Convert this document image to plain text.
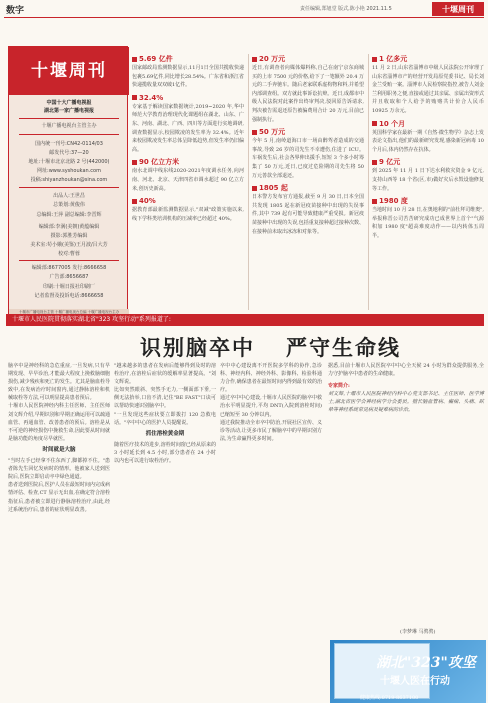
数字	责任编辑,郑旭堂 版式,陈小艳 2021.11.5	十堰周刊
十堰周刊
中国十大广播电视报
湖北第一家广播电视报
十堰广播电视台主管主办
国内统一刊号:CN42-0114/03
邮发代号:37—20
地址:十堰市北京北路 2 号(442000)
网址:www.syshoukan.com
投稿:shiyanzhoukan@sina.com
出品人:王世昌
总策划:黄俊伟
总编辑:王萍 副总编辑:李晋辉
编辑部:李满(美朝)黄蕴编辑
摄影:郭胜芳编辑
美术室:苟小娥(美鉴)王月波/吕大芳
校对:曹蓉
编辑部:8677005 发行:8666658
广告部:8656687
印刷:十堰日报社印刷厂
记者监督及投诉电话:8666658
十堰市广播电视台主管 十堰广播电视台总编 十堰广播电视台主办
5.69 亿件
国家邮政局监测数据显示,11月1日全国共揽收快递包裹5.69亿件,同比增长28.54%。广东省和浙江省快递揽收量双双破1亿件。
32.4%
专家基于解读国家数据统计,2019~2020 年,华中师范大学教育治理现代化课题组在湖北、山东、广东、河南、湖北、广西、四川等方面进行实地调研,调查数据显示,校园欺凌的发生率为 32.4%。近年来校园欺凌发生率总体呈降低趋势,但发生率仍旧偏高。
90 亿立方米
南水北调中线东线2020-2021年度调水任务,向河南、河北、北京、天津四省市调水超过 90 亿立方米,创历史新高。
40%
据教育部最新监测数据显示,"双减"政策实施以来,线下学科类培训机构的压减率已经超过 40%。
20 万元
近日,有调查者向媒体爆料称,自己在南宁京东商城买的上市 7500 元的价格,给下了一笔额外 20.4 万元的二手奔驰车。随后老家联系虚构物和料,并希望内部调查组。双方就此事诉讼抗辩。近日,成都市中级人民法院对此案作出终审判决,驳回原告诉请求,判决被告需退还原告被骗费用合计 20 万元,目前已强制执行。
50 万元
今年 5 月,南岭道海口市一场由醉驾者造成的交通事故,导致 26 岁的司先生不幸遭伤,住进了 ICU。车祸发生后,社会各界伸出援手,短短 3 个多小时筹集了 50 万元,近日,已度过危险期的司先生将 50 万元善款全部退还。
1805 起
日本警方发布官方通报,截至 9 月 30 日,日本全国共发现 1805 起在新冠疫苗接种中出现的失误事件,其中 739 起有可能导致健康严重受损。新冠疫苗接种中出现的失误,包括重复接种超过接种次数、在接种前未取出冰冻和对象等。
1 亿多元
11 月 2 日,山东省淄博市中级人民法院公开审理了山东省淄博市产的经营开发局原党委书记、局长刘金兰受贿一案。淄博市人民检察院指控,被告人刘金兰利用职务之便,直接或通过其亲属、亲属出资形式并且收取和个人给予的贿赂共计价合人民币 10925 万余元。
10 个月
英国科学家在最新一期《自然·微生物学》杂志上发表论文指出,他们的最新研究发现,感染新冠病毒 10 个月后,体内仍然存在抗体。
9 亿元
到 2025 年 11 月 1 日下达水利救灾资金 9 亿元,支持山西等 18 个省(区,市)做好灾后水毁设施修复等工作。
1980 度
当地时间 10 月 28 日,在奥地利的"前杜拜司维奥",举报称晋公司苦苦研究成功已成世界上首个"气源积加 1980 度"超高难度动作——以内转体五周半。
十堰市人民医院贯彻落实湖北省"323 攻坚行动"系列报道了:
识别脑卒中 严守生命线

脑卒中是神经科的急危重症,一旦发病,只有早期发现、早早诊治,才能最大程度上挽救脑细胞损伤,减少残疾和死亡的发生。尤其是脑血栓导致中,在发病治疗时间窗内,通过静脉溶栓和机械取栓等方法,可以明显提高患者预后。

十堰市人民医院神经内科主任医师、主任医师刘文辉介绍,早期识别和早期正确运用可以疏通血管、再通血管、改善患者的预后。溶栓是从不可逆的神经损伤中挽救生命,因此要从时间就是脑功能的角度尽早就医。

时间就是大脑

"当时左手已经拿不住东西了,脚都掉不住。"患者陈先生回忆发病时的情形。他被家人送到医院后,医院立即启动卒中绿色通道。

患者送到医院后,医护人员在最短时间内完成病情评估、检查,CT 显示无出血,在确定符合溶栓指征后,患者被立即进行静脉溶栓治疗,由此,经过系统治疗后,患者的症状明显改善。

"越来越多的患者在发病后能够得到及时的溶栓治疗,在溶栓后症状的缓解率显著提高。"刘文辉说。

比如突然眼斜、突然手无力,一侧面部下垂,一侧无法抬举,口齿不清,记住"BE FAST"口诀可以帮助快速识别脑卒中。

"一旦发现这些症状要立即拨打 120 急救电话。"卒中中心的医护人员提醒说。

抓住溶栓黄金期

随着医疗技术的进步,溶栓时间窗已经从原来的 3 小时延长到 4.5 小时,部分患者在 24 小时以内也可以进行取栓治疗。

卒中中心建设离不开医院多学科的协作,急诊科、神经内科、神经外科、影像科、检验科通力合作,确保患者在最短时间内得到最有效的治疗。

通过卒中中心建设,十堰市人民医院的脑卒中救治水平明显提升,平均 DNT(入院到溶栓时间)已缩短至 30 分钟以内。

通过我院推动全市卒中防治,开展社区宣传、义诊等活动,让更多市民了解脑卒中的早期识别方法,为生命赢得更多时间。

据悉,目前十堰市人民医院卒中中心全天候 24 小时为群众提供服务,全力守护脑卒中患者的生命健康。

专家简介:

刘文辉,十堰市人民医院神经内科中心党支部书记、主任医师、医学博士,湖北省医学会神经病学分会委员。擅长脑血管病、癫痫、头痛、眩晕等神经系统常见病及疑难病的诊治。

(李梦琳 马骋骋)
湖北"323"攻坚
十堰人医在行动
健康热线:0719-8637100
